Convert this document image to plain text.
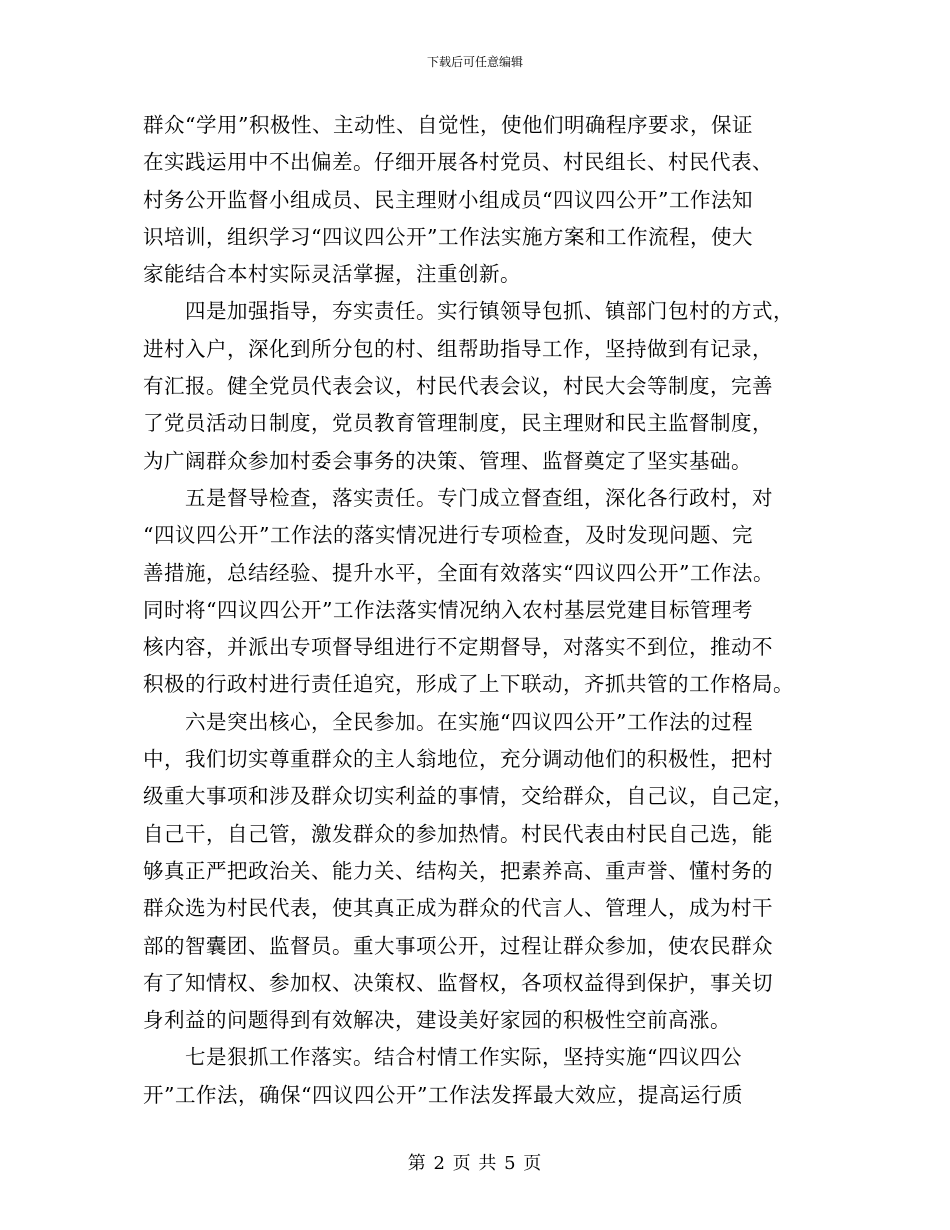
下载后可任意编辑
群众“学用”积极性、主动性、自觉性，使他们明确程序要求，保证
在实践运用中不出偏差。仔细开展各村党员、村民组长、村民代表、
村务公开监督小组成员、民主理财小组成员“四议四公开”工作法知
识培训，组织学习“四议四公开”工作法实施方案和工作流程，使大
家能结合本村实际灵活掌握，注重创新。
四是加强指导，夯实责任。实行镇领导包抓、镇部门包村的方式，
进村入户，深化到所分包的村、组帮助指导工作，坚持做到有记录，
有汇报。健全党员代表会议，村民代表会议，村民大会等制度，完善
了党员活动日制度，党员教育管理制度，民主理财和民主监督制度，
为广阔群众参加村委会事务的决策、管理、监督奠定了坚实基础。
五是督导检查，落实责任。专门成立督查组，深化各行政村，对
“四议四公开”工作法的落实情况进行专项检查，及时发现问题、完
善措施，总结经验、提升水平，全面有效落实“四议四公开”工作法。
同时将“四议四公开”工作法落实情况纳入农村基层党建目标管理考
核内容，并派出专项督导组进行不定期督导，对落实不到位，推动不
积极的行政村进行责任追究，形成了上下联动，齐抓共管的工作格局。
六是突出核心，全民参加。在实施“四议四公开”工作法的过程
中，我们切实尊重群众的主人翁地位，充分调动他们的积极性，把村
级重大事项和涉及群众切实利益的事情，交给群众，自己议，自己定，
自己干，自己管，激发群众的参加热情。村民代表由村民自己选，能
够真正严把政治关、能力关、结构关，把素养高、重声誉、懂村务的
群众选为村民代表，使其真正成为群众的代言人、管理人，成为村干
部的智囊团、监督员。重大事项公开，过程让群众参加，使农民群众
有了知情权、参加权、决策权、监督权，各项权益得到保护，事关切
身利益的问题得到有效解决，建设美好家园的积极性空前高涨。
七是狠抓工作落实。结合村情工作实际，坚持实施“四议四公
开”工作法，确保“四议四公开”工作法发挥最大效应，提高运行质
第 2 页 共 5 页
